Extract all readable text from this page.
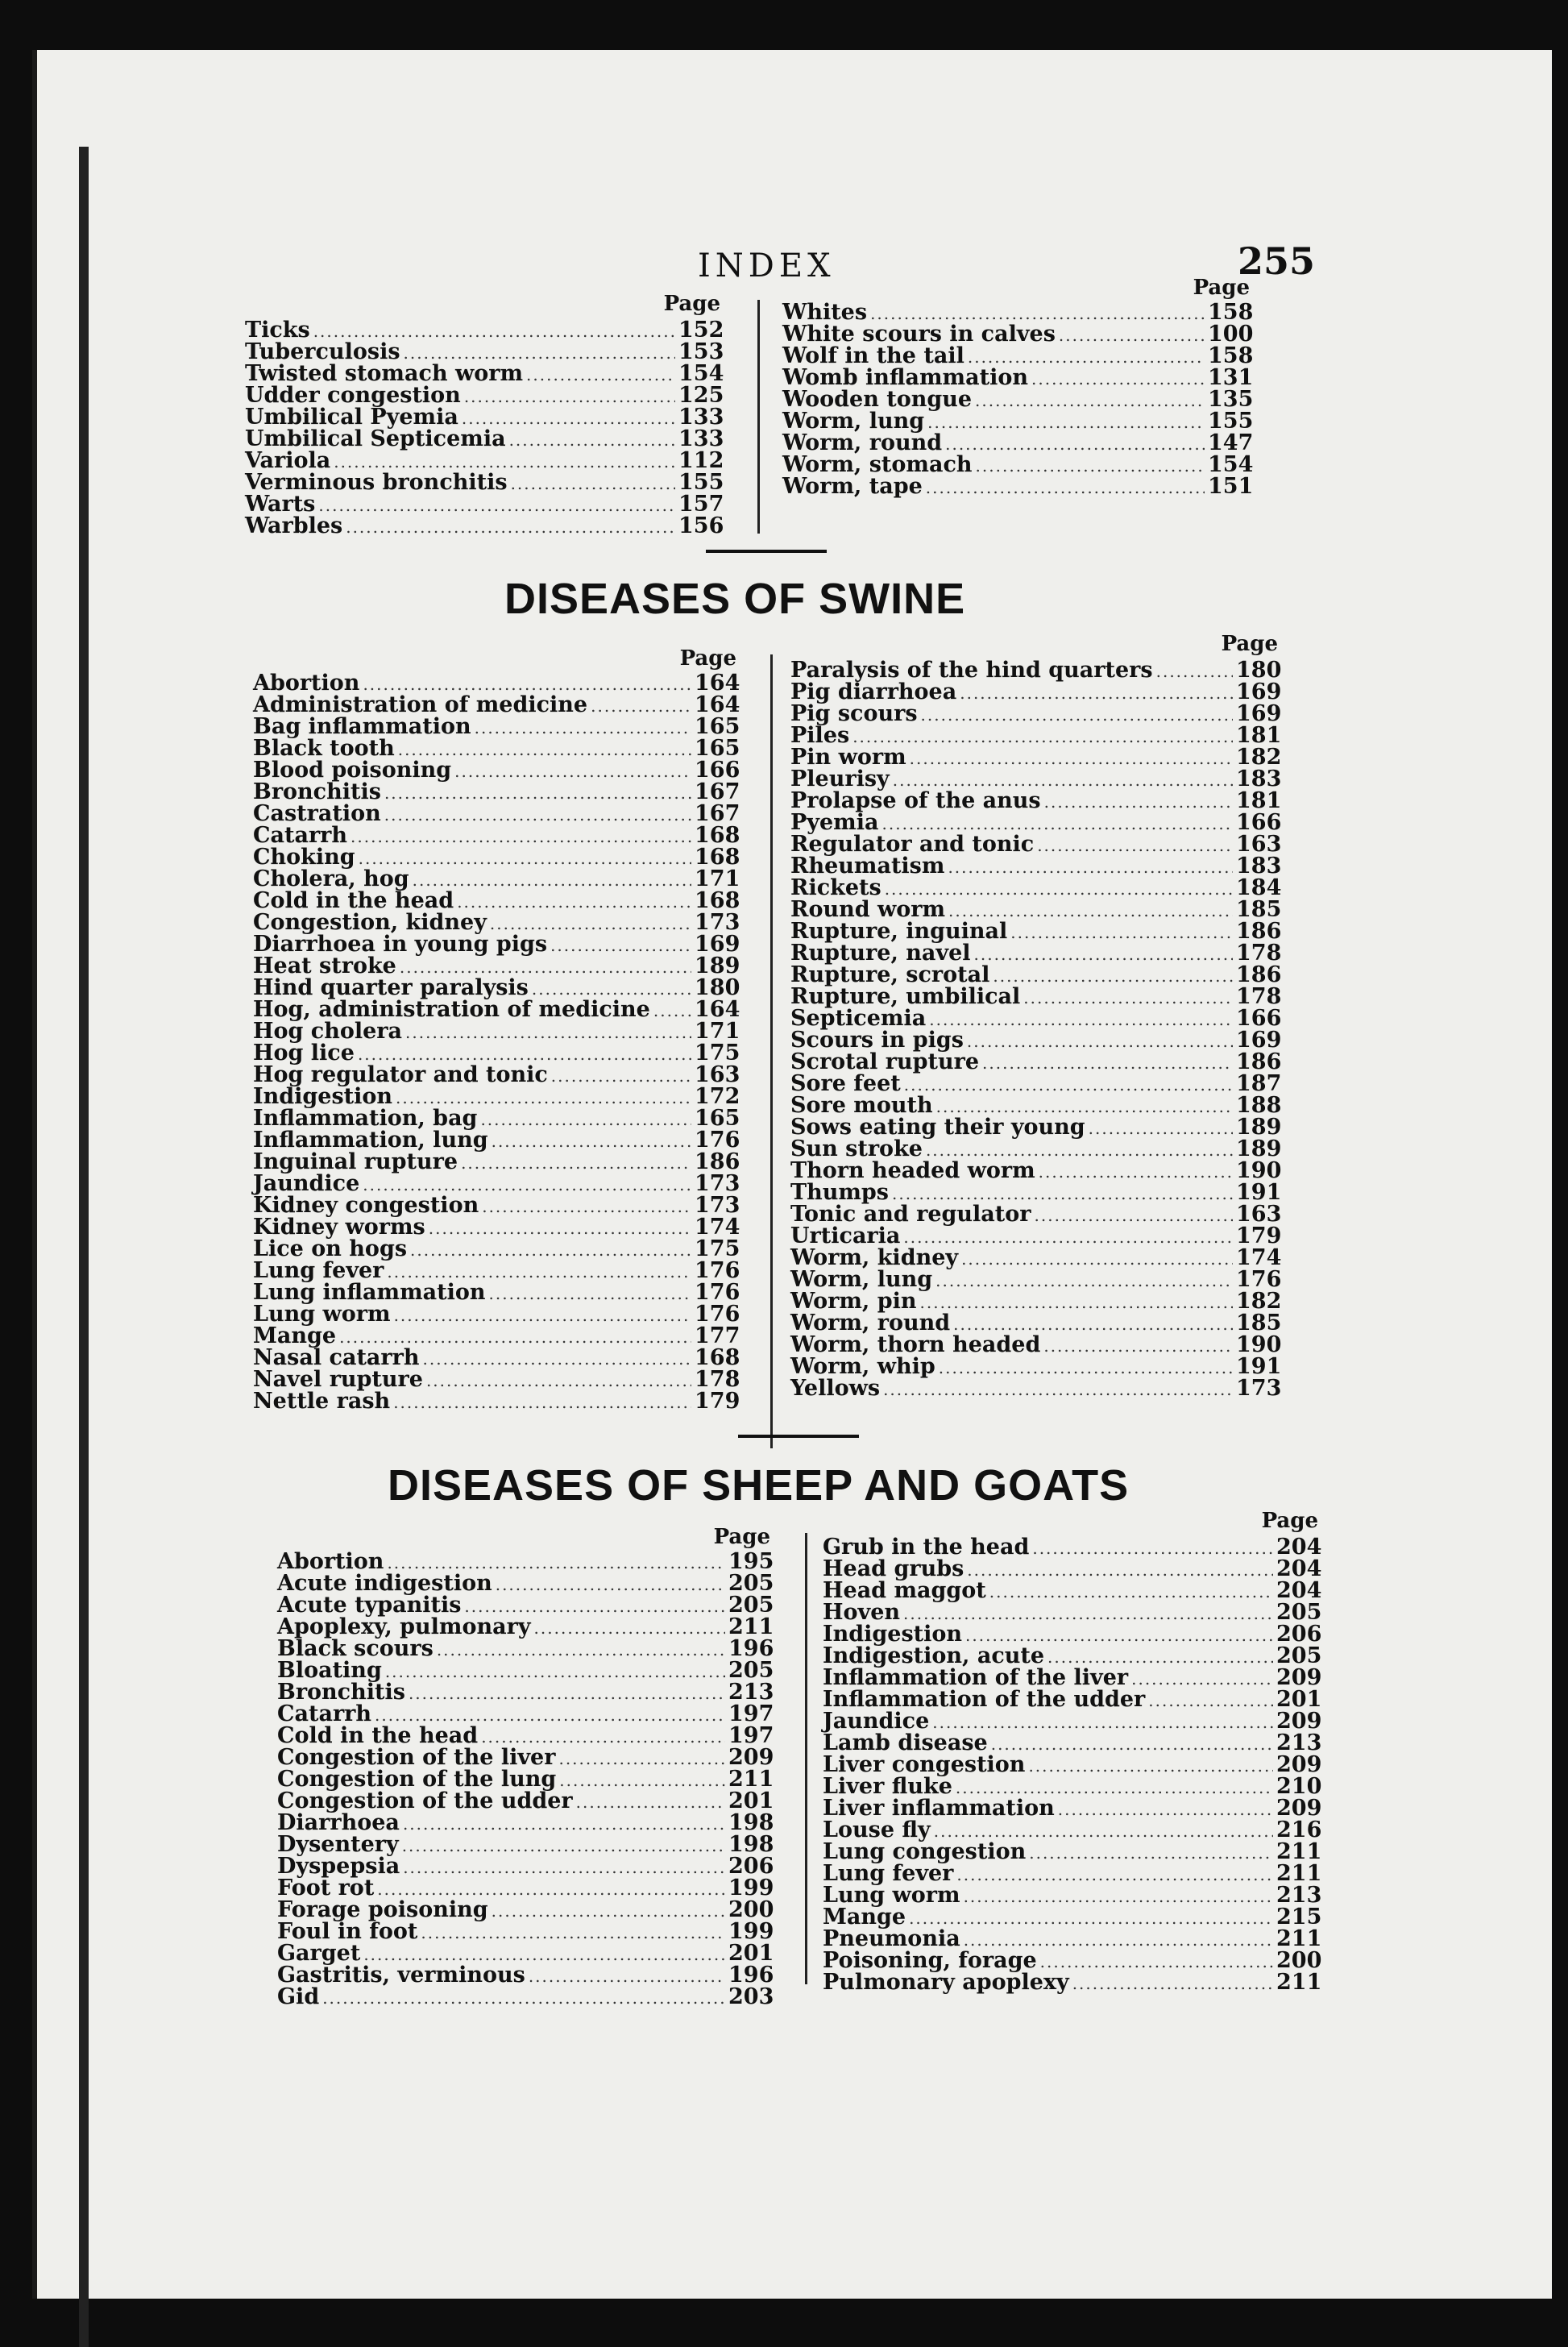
INDEX	255
Page
Ticks .....	152
Tuberculosis .....	153
Twisted stomach worm .....	154
Udder congestion .....	125
Umbilical Pyemia .....	133
Umbilical Septicemia .....	133
Variola .....	112
Verminous bronchitis .....	155
Warts .....	157
Warbles .....	156
Page
Whites .....	158
White scours in calves .....	100
Wolf in the tail .....	158
Womb inflammation .....	131
Wooden tongue .....	135
Worm, lung .....	155
Worm, round .....	147
Worm, stomach .....	154
Worm, tape .....	151
DISEASES OF SWINE
Page
Abortion .....	164
Administration of medicine .....	164
Bag inflammation .....	165
Black tooth .....	165
Blood poisoning .....	166
Bronchitis .....	167
Castration .....	167
Catarrh .....	168
Choking .....	168
Cholera, hog .....	171
Cold in the head .....	168
Congestion, kidney .....	173
Diarrhoea in young pigs .....	169
Heat stroke .....	189
Hind quarter paralysis .....	180
Hog, administration of medicine ..... 164
Hog cholera .....	171
Hog lice .....	175
Hog regulator and tonic .....	163
Indigestion .....	172
Inflammation, bag .....	165
Inflammation, lung .....	176
Inguinal rupture .....	186
Jaundice .....	173
Kidney congestion .....	173
Kidney worms .....	174
Lice on hogs .....	175
Lung fever .....	176
Lung inflammation .....	176
Lung worm .....	176
Mange .....	177
Nasal catarrh .....	168
Navel rupture .....	178
Nettle rash .....	179
Page
Paralysis of the hind quarters .....	180
Pig diarrhoea .....	169
Pig scours .....	169
Piles .....	181
Pin worm .....	182
Pleurisy .....	183
Prolapse of the anus .....	181
Pyemia .....	166
Regulator and tonic .....	163
Rheumatism .....	183
Rickets .....	184
Round worm .....	185
Rupture, inguinal .....	186
Rupture, navel .....	178
Rupture, scrotal .....	186
Rupture, umbilical .....	178
Septicemia .....	166
Scours in pigs .....	169
Scrotal rupture .....	186
Sore feet .....	187
Sore mouth .....	188
Sows eating their young .....	189
Sun stroke .....	189
Thorn headed worm .....	190
Thumps .....	191
Tonic and regulator .....	163
Urticaria .....	179
Worm, kidney .....	174
Worm, lung .....	176
Worm, pin .....	182
Worm, round .....	185
Worm, thorn headed .....	190
Worm, whip .....	191
Yellows .....	173
DISEASES OF SHEEP AND GOATS
Page
Abortion .....	195
Acute indigestion .....	205
Acute typanitis .....	205
Apoplexy, pulmonary .....	211
Black scours .....	196
Bloating .....	205
Bronchitis .....	213
Catarrh .....	197
Cold in the head .....	197
Congestion of the liver .....	209
Congestion of the lung .....	211
Congestion of the udder .....	201
Diarrhoea .....	198
Dysentery .....	198
Dyspepsia .....	206
Foot rot .....	199
Forage poisoning .....	200
Foul in foot .....	199
Garget .....	201
Gastritis, verminous .....	196
Gid .....	203
Page
Grub in the head .....	204
Head grubs .....	204
Head maggot .....	204
Hoven .....	205
Indigestion .....	206
Indigestion, acute .....	205
Inflammation of the liver .....	209
Inflammation of the udder .....	201
Jaundice .....	209
Lamb disease .....	213
Liver congestion .....	209
Liver fluke .....	210
Liver inflammation .....	209
Louse fly .....	216
Lung congestion .....	211
Lung fever .....	211
Lung worm .....	213
Mange .....	215
Pneumonia .....	211
Poisoning, forage .....	200
Pulmonary apoplexy .....	211
